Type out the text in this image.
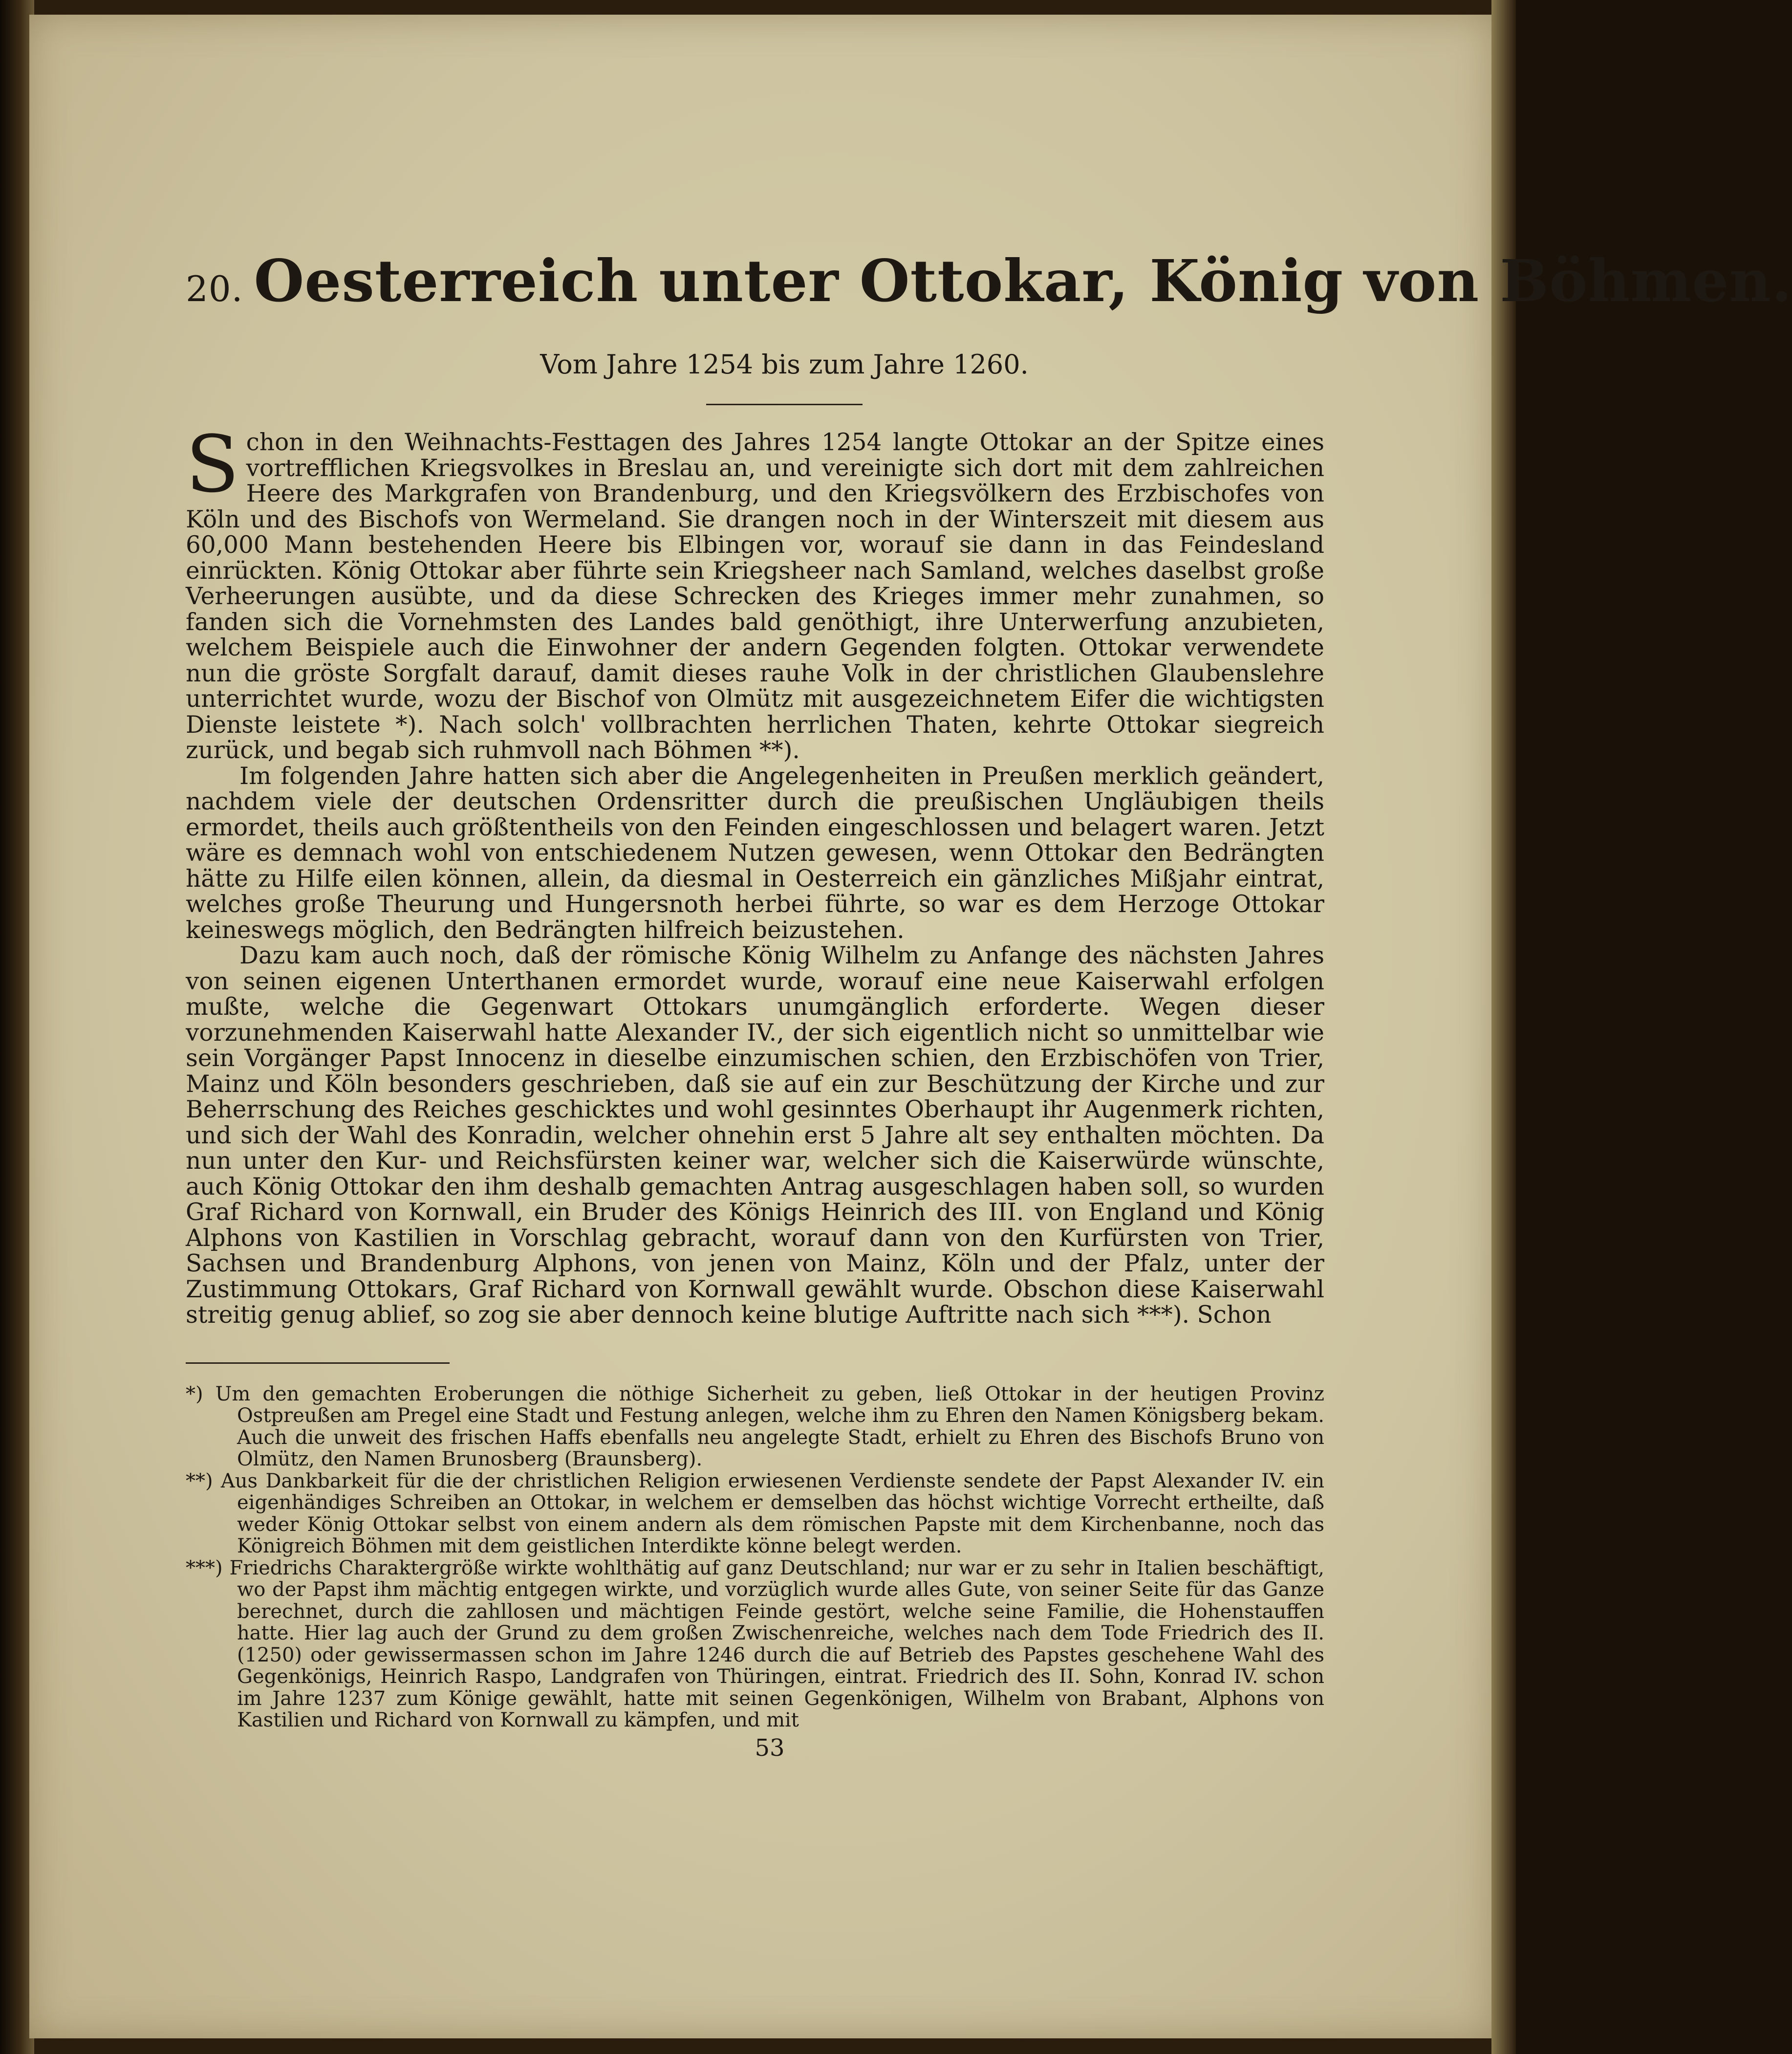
20. Oesterreich unter Ottokar, König von Böhmen.
Vom Jahre 1254 bis zum Jahre 1260.

Schon in den Weihnachts-Festtagen des Jahres 1254 langte Ottokar an der Spitze eines vortrefflichen Kriegsvolkes in Breslau an, und vereinigte sich dort mit dem zahlreichen Heere des Markgrafen von Brandenburg, und den Kriegsvölkern des Erzbischofes von Köln und des Bischofs von Wermeland. Sie drangen noch in der Winterszeit mit diesem aus 60,000 Mann bestehenden Heere bis Elbingen vor, worauf sie dann in das Feindesland einrückten. König Ottokar aber führte sein Kriegsheer nach Samland, welches daselbst große Verheerungen ausübte, und da diese Schrecken des Krieges immer mehr zunahmen, so fanden sich die Vornehmsten des Landes bald genöthigt, ihre Unterwerfung anzubieten, welchem Beispiele auch die Einwohner der andern Gegenden folgten. Ottokar verwendete nun die gröste Sorgfalt darauf, damit dieses rauhe Volk in der christlichen Glaubenslehre unterrichtet wurde, wozu der Bischof von Olmütz mit ausgezeichnetem Eifer die wichtigsten Dienste leistete *). Nach solch' vollbrachten herrlichen Thaten, kehrte Ottokar siegreich zurück, und begab sich ruhmvoll nach Böhmen **).

Im folgenden Jahre hatten sich aber die Angelegenheiten in Preußen merklich geändert, nachdem viele der deutschen Ordensritter durch die preußischen Ungläubigen theils ermordet, theils auch größtentheils von den Feinden eingeschlossen und belagert waren. Jetzt wäre es demnach wohl von entschiedenem Nutzen gewesen, wenn Ottokar den Bedrängten hätte zu Hilfe eilen können, allein, da diesmal in Oesterreich ein gänzliches Mißjahr eintrat, welches große Theurung und Hungersnoth herbei führte, so war es dem Herzoge Ottokar keineswegs möglich, den Bedrängten hilfreich beizustehen.

Dazu kam auch noch, daß der römische König Wilhelm zu Anfange des nächsten Jahres von seinen eigenen Unterthanen ermordet wurde, worauf eine neue Kaiserwahl erfolgen mußte, welche die Gegenwart Ottokars unumgänglich erforderte. Wegen dieser vorzunehmenden Kaiserwahl hatte Alexander IV., der sich eigentlich nicht so unmittelbar wie sein Vorgänger Papst Innocenz in dieselbe einzumischen schien, den Erzbischöfen von Trier, Mainz und Köln besonders geschrieben, daß sie auf ein zur Beschützung der Kirche und zur Beherrschung des Reiches geschicktes und wohl gesinntes Oberhaupt ihr Augenmerk richten, und sich der Wahl des Konradin, welcher ohnehin erst 5 Jahre alt sey enthalten möchten. Da nun unter den Kur- und Reichsfürsten keiner war, welcher sich die Kaiserwürde wünschte, auch König Ottokar den ihm deshalb gemachten Antrag ausgeschlagen haben soll, so wurden Graf Richard von Kornwall, ein Bruder des Königs Heinrich des III. von England und König Alphons von Kastilien in Vorschlag gebracht, worauf dann von den Kurfürsten von Trier, Sachsen und Brandenburg Alphons, von jenen von Mainz, Köln und der Pfalz, unter der Zustimmung Ottokars, Graf Richard von Kornwall gewählt wurde. Obschon diese Kaiserwahl streitig genug ablief, so zog sie aber dennoch keine blutige Auftritte nach sich ***). Schon

*) Um den gemachten Eroberungen die nöthige Sicherheit zu geben, ließ Ottokar in der heutigen Provinz Ostpreußen am Pregel eine Stadt und Festung anlegen, welche ihm zu Ehren den Namen Königsberg bekam. Auch die unweit des frischen Haffs ebenfalls neu angelegte Stadt, erhielt zu Ehren des Bischofs Bruno von Olmütz, den Namen Brunosberg (Braunsberg).

**) Aus Dankbarkeit für die der christlichen Religion erwiesenen Verdienste sendete der Papst Alexander IV. ein eigenhändiges Schreiben an Ottokar, in welchem er demselben das höchst wichtige Vorrecht ertheilte, daß weder König Ottokar selbst von einem andern als dem römischen Papste mit dem Kirchenbanne, noch das Königreich Böhmen mit dem geistlichen Interdikte könne belegt werden.

***) Friedrichs Charaktergröße wirkte wohlthätig auf ganz Deutschland; nur war er zu sehr in Italien beschäftigt, wo der Papst ihm mächtig entgegen wirkte, und vorzüglich wurde alles Gute, von seiner Seite für das Ganze berechnet, durch die zahllosen und mächtigen Feinde gestört, welche seine Familie, die Hohenstauffen hatte. Hier lag auch der Grund zu dem großen Zwischenreiche, welches nach dem Tode Friedrich des II. (1250) oder gewissermassen schon im Jahre 1246 durch die auf Betrieb des Papstes geschehene Wahl des Gegenkönigs, Heinrich Raspo, Landgrafen von Thüringen, eintrat. Friedrich des II. Sohn, Konrad IV. schon im Jahre 1237 zum Könige gewählt, hatte mit seinen Gegenkönigen, Wilhelm von Brabant, Alphons von Kastilien und Richard von Kornwall zu kämpfen, und mit

53
